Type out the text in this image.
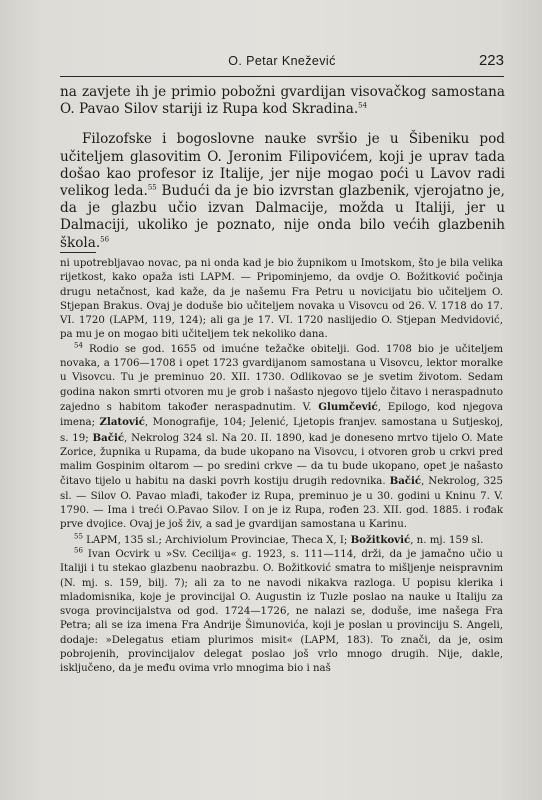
O. Petar Knežević	223

na zavjete ih je primio pobožni gvardijan visovačkog samostana O. Pavao Silov stariji iz Rupa kod Skradina.$^{54}$

Filozofske i bogoslovne nauke svršio je u Šibeniku pod učiteljem glasovitim O. Jeronim Filipovićem, koji je uprav tada došao kao profesor iz Italije, jer nije mogao poći u Lavov radi velikog leda.$^{55}$ Budući da je bio izvrstan glazbenik, vjerojatno je, da je glazbu učio izvan Dalmacije, možda u Italiji, jer u Dalmaciji, ukoliko je poznato, nije onda bilo većih glazbenih škola.$^{56}$

ni upotrebljavao novac, pa ni onda kad je bio župnikom u Imotskom, što je bila velika rijetkost, kako opaža isti LAPM. — Pripominjemo, da ovdje O. Božitković počinja drugu netačnost, kad kaže, da je našemu Fra Petru u novicijatu bio učiteljem O. Stjepan Brakus. Ovaj je doduše bio učiteljem novaka u Visovcu od 26. V. 1718 do 17. VI. 1720 (LAPM, 119, 124); ali ga je 17. VI. 1720 naslijedio O. Stjepan Medvidović, pa mu je on mogao biti učiteljem tek nekoliko dana.

$^{54}$ Rodio se god. 1655 od imućne težačke obitelji. God. 1708 bio je učiteljem novaka, a 1706—1708 i opet 1723 gvardijanom samostana u Visovcu, lektor moralke u Visovcu. Tu je preminuo 20. XII. 1730. Odlikovao se je svetim životom. Sedam godina nakon smrti otvoren mu je grob i našasto njegovo tijelo čitavo i neraspadnuto zajedno s habitom također neraspadnutim. V. Glumčević, Epilogo, kod njegova imena; Zlatović, Monografije, 104; Jelenić, Ljetopis franjev. samostana u Sutjeskoj, s. 19; Bačić, Nekrolog 324 sl. Na 20. II. 1890, kad je doneseno mrtvo tijelo O. Mate Zorice, župnika u Rupama, da bude ukopano na Visovcu, i otvoren grob u crkvi pred malim Gospinim oltarom — po sredini crkve — da tu bude ukopano, opet je našasto čitavo tijelo u habitu na daski povrh kostiju drugih redovnika. Bačić, Nekrolog, 325 sl. — Silov O. Pavao mlađi, također iz Rupa, preminuo je u 30. godini u Kninu 7. V. 1790. — Ima i treći O.Pavao Silov. I on je iz Rupa, rođen 23. XII. god. 1885. i rođak prve dvojice. Ovaj je još živ, a sad je gvardijan samostana u Karinu.

$^{55}$ LAPM, 135 sl.; Archiviolum Provinciae, Theca X, I; Božitković, n. mj. 159 sl.

$^{56}$ Ivan Ocvirk u »Sv. Cecilija« g. 1923, s. 111—114, drži, da je jamačno učio u Italiji i tu stekao glazbenu naobrazbu. O. Božitković smatra to mišljenje neispravnim (N. mj. s. 159, bilj. 7); ali za to ne navodi nikakva razloga. U popisu klerika i mladomisnika, koje je provincijal O. Augustin iz Tuzle poslao na nauke u Italiju za svoga provincijalstva od god. 1724—1726, ne nalazi se, doduše, ime našega Fra Petra; ali se iza imena Fra Andrije Šimunovića, koji je poslan u provinciju S. Angeli, dodaje: »Delegatus etiam plurimos misit« (LAPM, 183). To znači, da je, osim pobrojenih, provincijalov delegat poslao još vrlo mnogo drugih. Nije, dakle, isključeno, da je među ovima vrlo mnogima bio i naš
